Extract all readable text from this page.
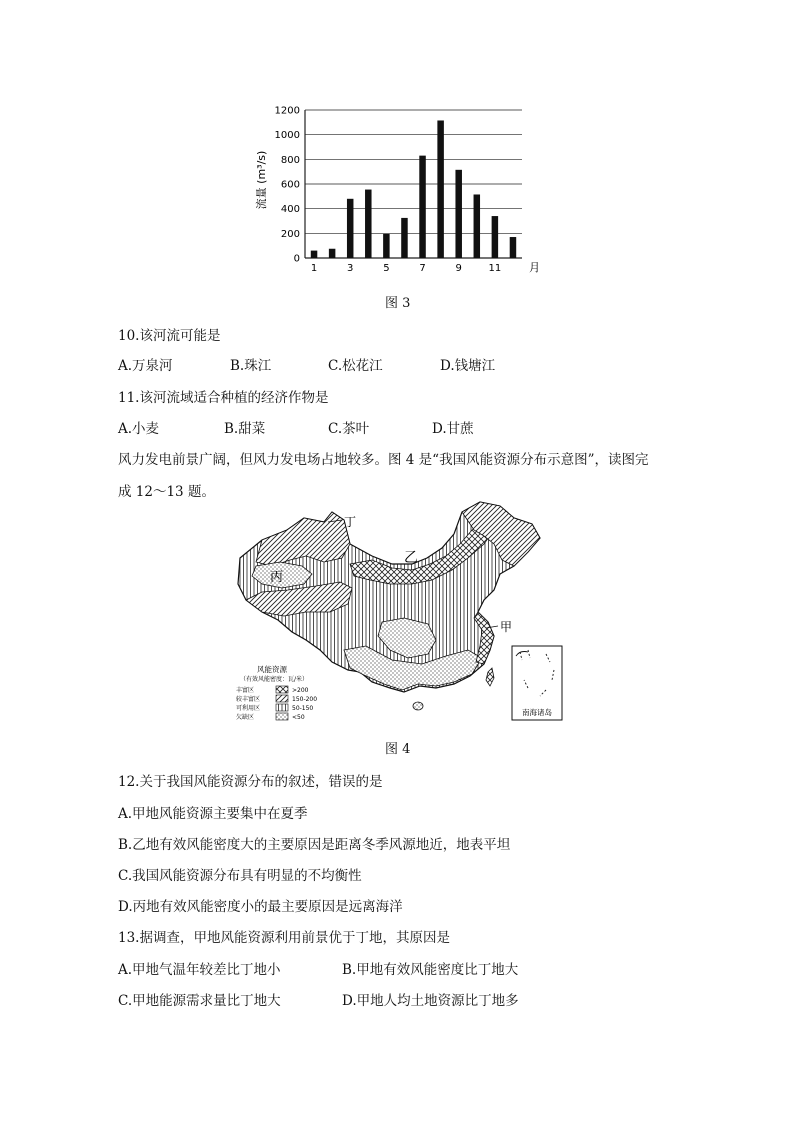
0
200
400
600
800
1000
1200
1	3	5	7	9	11
流量 (m³/s)
月
图 3
10.该河流可能是
A.万泉河	B.珠江	C.松花江	D.钱塘江
11.该河流域适合种植的经济作物是
A.小麦	B.甜菜	C.茶叶	D.甘蔗
风力发电前景广阔，但风力发电场占地较多。图 4 是“我国风能资源分布示意图”，读图完
成 12～13 题。
丁
乙
丙
甲
风能资源
（有效风能密度：瓦/米）
丰富区	>200
较丰富区	150-200
可利用区	50-150
欠缺区	<50
南海诸岛
图 4
12.关于我国风能资源分布的叙述，错误的是
A.甲地风能资源主要集中在夏季
B.乙地有效风能密度大的主要原因是距离冬季风源地近，地表平坦
C.我国风能资源分布具有明显的不均衡性
D.丙地有效风能密度小的最主要原因是远离海洋
13.据调查，甲地风能资源利用前景优于丁地，其原因是
A.甲地气温年较差比丁地小	B.甲地有效风能密度比丁地大
C.甲地能源需求量比丁地大	D.甲地人均土地资源比丁地多
